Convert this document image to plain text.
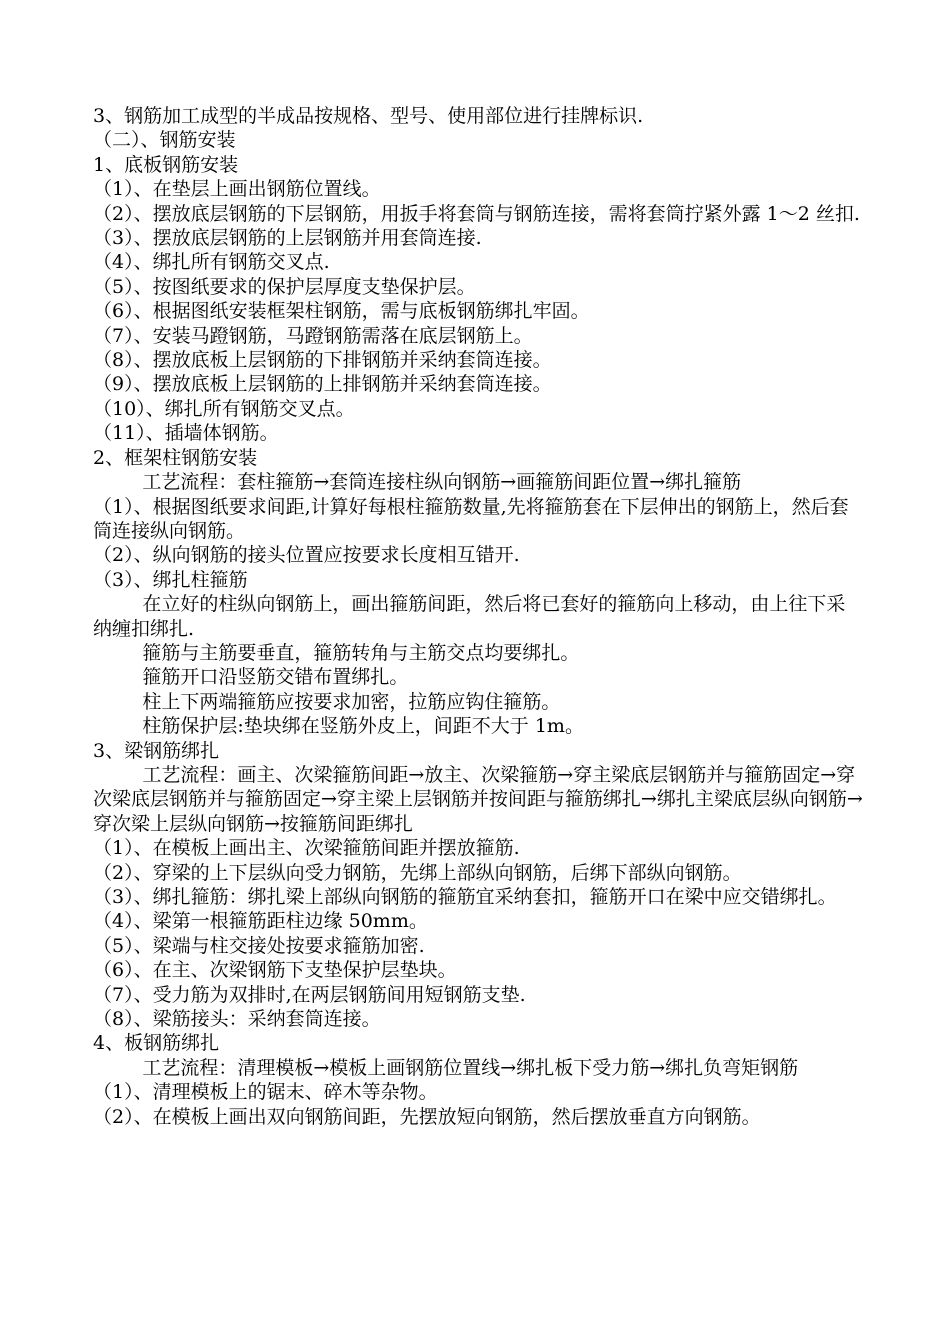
3、钢筋加工成型的半成品按规格、型号、使用部位进行挂牌标识.

（二）、钢筋安装

1、底板钢筋安装

（1）、在垫层上画出钢筋位置线。

（2）、摆放底层钢筋的下层钢筋，用扳手将套筒与钢筋连接，需将套筒拧紧外露 1～2 丝扣.

（3）、摆放底层钢筋的上层钢筋并用套筒连接.

（4）、绑扎所有钢筋交叉点.

（5）、按图纸要求的保护层厚度支垫保护层。

（6）、根据图纸安装框架柱钢筋，需与底板钢筋绑扎牢固。

（7）、安装马蹬钢筋，马蹬钢筋需落在底层钢筋上。

（8）、摆放底板上层钢筋的下排钢筋并采纳套筒连接。

（9）、摆放底板上层钢筋的上排钢筋并采纳套筒连接。

（10）、绑扎所有钢筋交叉点。

（11）、插墙体钢筋。

2、框架柱钢筋安装

工艺流程：套柱箍筋→套筒连接柱纵向钢筋→画箍筋间距位置→绑扎箍筋

（1）、根据图纸要求间距,计算好每根柱箍筋数量,先将箍筋套在下层伸出的钢筋上，然后套筒连接纵向钢筋。

（2）、纵向钢筋的接头位置应按要求长度相互错开.

（3）、绑扎柱箍筋

在立好的柱纵向钢筋上，画出箍筋间距，然后将已套好的箍筋向上移动，由上往下采纳缠扣绑扎.

箍筋与主筋要垂直，箍筋转角与主筋交点均要绑扎。

箍筋开口沿竖筋交错布置绑扎。

柱上下两端箍筋应按要求加密，拉筋应钩住箍筋。

柱筋保护层:垫块绑在竖筋外皮上，间距不大于 1m。

3、梁钢筋绑扎

工艺流程：画主、次梁箍筋间距→放主、次梁箍筋→穿主梁底层钢筋并与箍筋固定→穿次梁底层钢筋并与箍筋固定→穿主梁上层钢筋并按间距与箍筋绑扎→绑扎主梁底层纵向钢筋→穿次梁上层纵向钢筋→按箍筋间距绑扎

（1）、在模板上画出主、次梁箍筋间距并摆放箍筋.

（2）、穿梁的上下层纵向受力钢筋，先绑上部纵向钢筋，后绑下部纵向钢筋。

（3）、绑扎箍筋：绑扎梁上部纵向钢筋的箍筋宜采纳套扣，箍筋开口在梁中应交错绑扎。

（4）、梁第一根箍筋距柱边缘 50mm。

（5）、梁端与柱交接处按要求箍筋加密.

（6）、在主、次梁钢筋下支垫保护层垫块。

（7）、受力筋为双排时,在两层钢筋间用短钢筋支垫.

（8）、梁筋接头：采纳套筒连接。

4、板钢筋绑扎

工艺流程：清理模板→模板上画钢筋位置线→绑扎板下受力筋→绑扎负弯矩钢筋

（1）、清理模板上的锯末、碎木等杂物。

（2）、在模板上画出双向钢筋间距，先摆放短向钢筋，然后摆放垂直方向钢筋。
